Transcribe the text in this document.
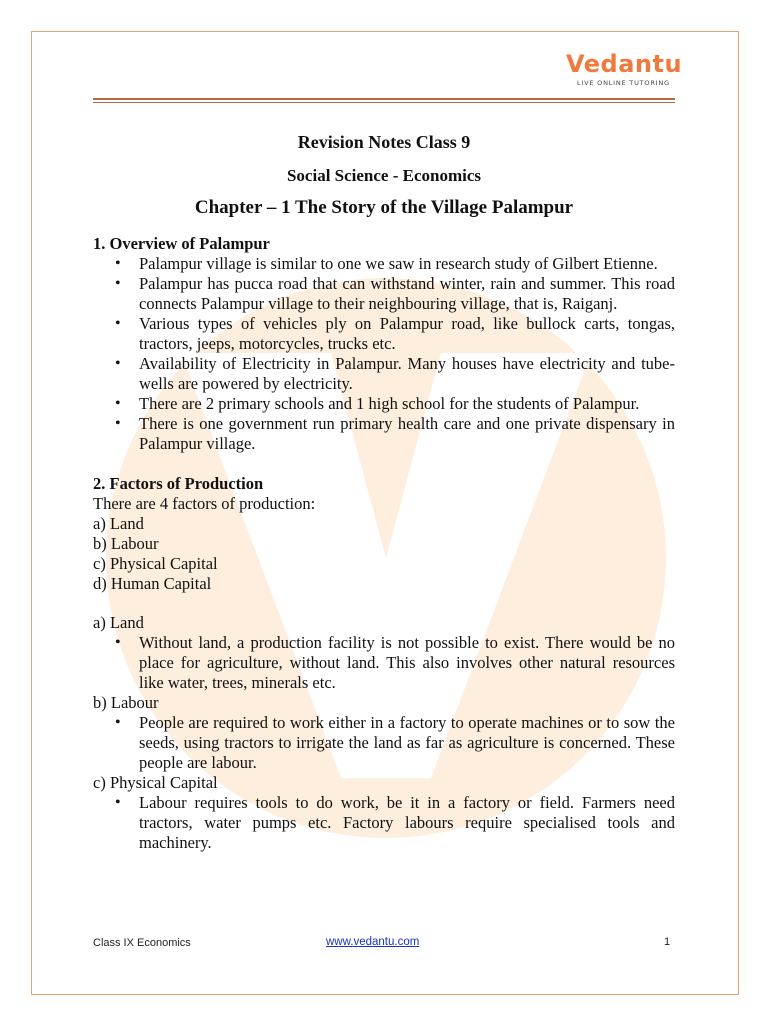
Vedantu
LIVE ONLINE TUTORING

Revision Notes Class 9

Social Science - Economics

Chapter – 1 The Story of the Village Palampur

1. Overview of Palampur

• Palampur village is similar to one we saw in research study of Gilbert Etienne.
• Palampur has pucca road that can withstand winter, rain and summer. This road connects Palampur village to their neighbouring village, that is, Raiganj.
• Various types of vehicles ply on Palampur road, like bullock carts, tongas, tractors, jeeps, motorcycles, trucks etc.
• Availability of Electricity in Palampur. Many houses have electricity and tube-wells are powered by electricity.
• There are 2 primary schools and 1 high school for the students of Palampur.
• There is one government run primary health care and one private dispensary in Palampur village.

2. Factors of Production

There are 4 factors of production:

a) Land

b) Labour

c) Physical Capital

d) Human Capital

a) Land

• Without land, a production facility is not possible to exist. There would be no place for agriculture, without land. This also involves other natural resources like water, trees, minerals etc.

b) Labour

• People are required to work either in a factory to operate machines or to sow the seeds, using tractors to irrigate the land as far as agriculture is concerned. These people are labour.

c) Physical Capital

• Labour requires tools to do work, be it in a factory or field. Farmers need tractors, water pumps etc. Factory labours require specialised tools and machinery.
Class IX Economics	www.vedantu.com	1
